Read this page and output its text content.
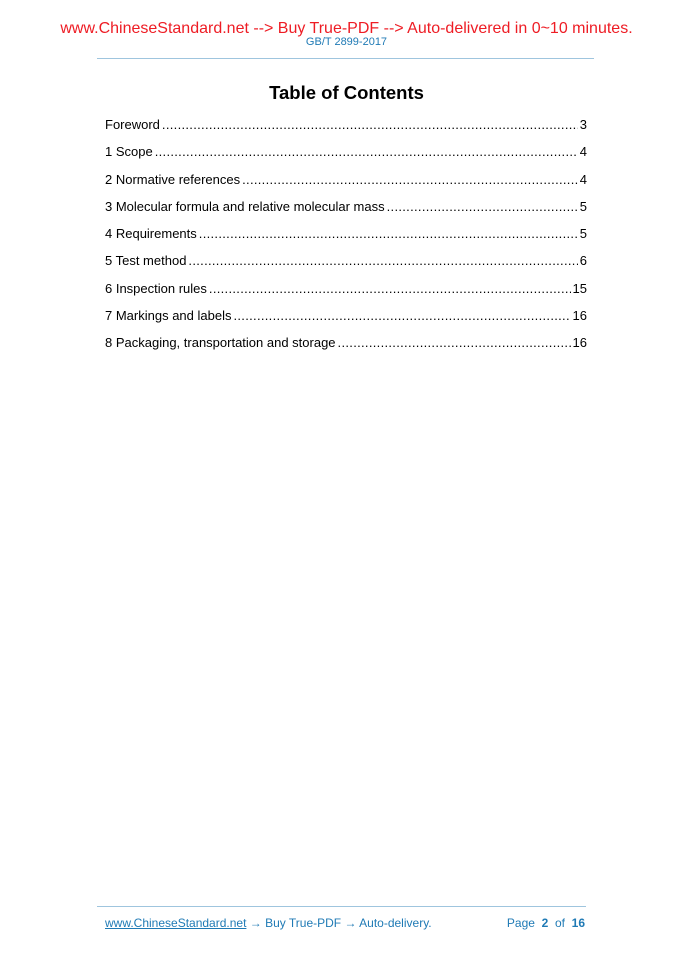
www.ChineseStandard.net --> Buy True-PDF --> Auto-delivered in 0~10 minutes.
GB/T 2899-2017
Table of Contents
Foreword .....	3
1 Scope .....	4
2 Normative references .....	4
3 Molecular formula and relative molecular mass .....	5
4 Requirements .....	5
5 Test method .....	6
6 Inspection rules .....	15
7 Markings and labels .....	16
8 Packaging, transportation and storage .....	16
www.ChineseStandard.net → Buy True-PDF → Auto-delivery.	Page 2 of 16
